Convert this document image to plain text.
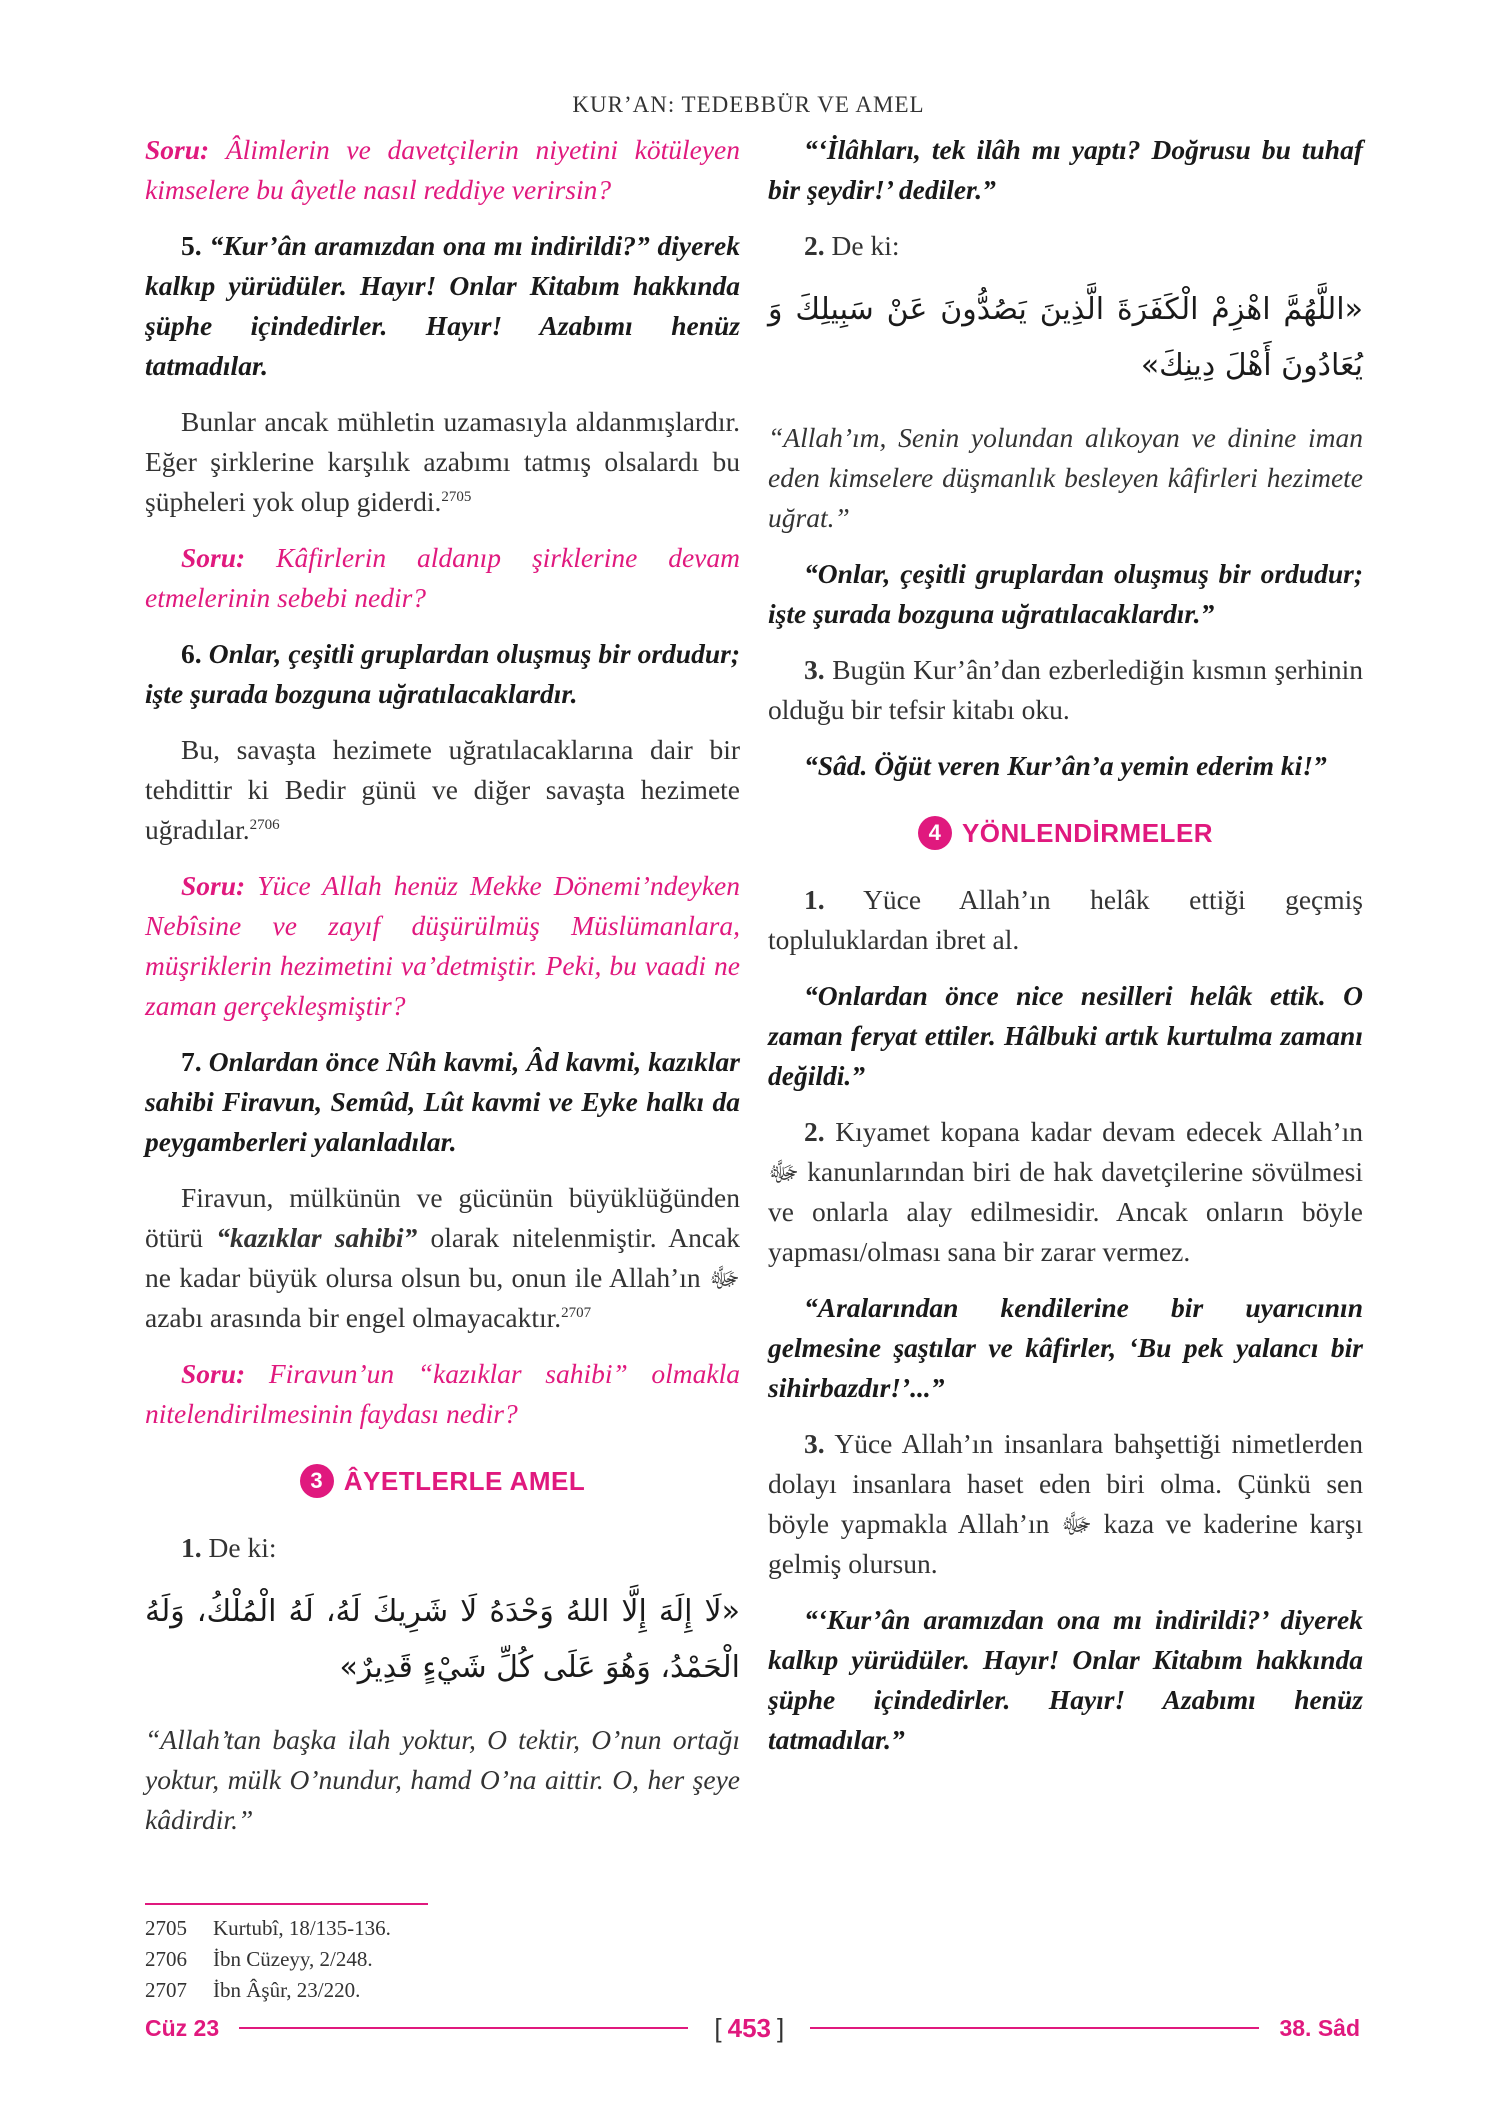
KUR’AN: TEDEBBÜR VE AMEL

Soru: Âlimlerin ve davetçilerin niyetini kötüleyen kimselere bu âyetle nasıl reddiye verirsin?

5. “Kur’ân aramızdan ona mı indirildi?” diyerek kalkıp yürüdüler. Hayır! Onlar Kitabım hakkında şüphe içindedirler. Hayır! Azabımı henüz tatmadılar.

Bunlar ancak mühletin uzamasıyla aldanmışlardır. Eğer şirklerine karşılık azabımı tatmış olsalardı bu şüpheleri yok olup giderdi.$^{2705}$

Soru: Kâfirlerin aldanıp şirklerine devam etmelerinin sebebi nedir?

6. Onlar, çeşitli gruplardan oluşmuş bir ordudur; işte şurada bozguna uğratılacaklardır.

Bu, savaşta hezimete uğratılacaklarına dair bir tehdittir ki Bedir günü ve diğer savaşta hezimete uğradılar.$^{2706}$

Soru: Yüce Allah henüz Mekke Dönemi’ndeyken Nebîsine ve zayıf düşürülmüş Müslümanlara, müşriklerin hezimetini va’detmiştir. Peki, bu vaadi ne zaman gerçekleşmiştir?

7. Onlardan önce Nûh kavmi, Âd kavmi, kazıklar sahibi Firavun, Semûd, Lût kavmi ve Eyke halkı da peygamberleri yalanladılar.

Firavun, mülkünün ve gücünün büyüklüğünden ötürü “kazıklar sahibi” olarak nitelenmiştir. Ancak ne kadar büyük olursa olsun bu, onun ile Allah’ın ﷻ azabı arasında bir engel olmayacaktır.$^{2707}$

Soru: Firavun’un “kazıklar sahibi” olmakla nitelendirilmesinin faydası nedir?

3 ÂYETLERLE AMEL

1. De ki:

«لَا إِلَهَ إِلَّا اللهُ وَحْدَهُ لَا شَرِيكَ لَهُ، لَهُ الْمُلْكُ، وَلَهُ الْحَمْدُ، وَهُوَ عَلَى كُلِّ شَيْءٍ قَدِيرٌ»

“Allah’tan başka ilah yoktur, O tektir, O’nun ortağı yoktur, mülk O’nundur, hamd O’na aittir. O, her şeye kâdirdir.”

“‘İlâhları, tek ilâh mı yaptı? Doğrusu bu tuhaf bir şeydir!’ dediler.”

2. De ki:

«اللَّهُمَّ اهْزِمْ الْكَفَرَةَ الَّذِينَ يَصُدُّونَ عَنْ سَبِيلِكَ وَ يُعَادُونَ أَهْلَ دِينِكَ»

“Allah’ım, Senin yolundan alıkoyan ve dinine iman eden kimselere düşmanlık besleyen kâfirleri hezimete uğrat.”

“Onlar, çeşitli gruplardan oluşmuş bir ordudur; işte şurada bozguna uğratılacaklardır.”

3. Bugün Kur’ân’dan ezberlediğin kısmın şerhinin olduğu bir tefsir kitabı oku.

“Sâd. Öğüt veren Kur’ân’a yemin ederim ki!”

4 YÖNLENDİRMELER

1. Yüce Allah’ın helâk ettiği geçmiş topluluklardan ibret al.

“Onlardan önce nice nesilleri helâk ettik. O zaman feryat ettiler. Hâlbuki artık kurtulma zamanı değildi.”

2. Kıyamet kopana kadar devam edecek Allah’ın ﷻ kanunlarından biri de hak davetçilerine sövülmesi ve onlarla alay edilmesidir. Ancak onların böyle yapması/olması sana bir zarar vermez.

“Aralarından kendilerine bir uyarıcının gelmesine şaştılar ve kâfirler, ‘Bu pek yalancı bir sihirbazdır!’...”

3. Yüce Allah’ın insanlara bahşettiği nimetlerden dolayı insanlara haset eden biri olma. Çünkü sen böyle yapmakla Allah’ın ﷻ kaza ve kaderine karşı gelmiş olursun.

“‘Kur’ân aramızdan ona mı indirildi?’ diyerek kalkıp yürüdüler. Hayır! Onlar Kitabım hakkında şüphe içindedirler. Hayır! Azabımı henüz tatmadılar.”

2705	Kurtubî, 18/135-136.
2706	İbn Cüzeyy, 2/248.
2707	İbn Âşûr, 23/220.
Cüz 23	[ 453 ]	38. Sâd
